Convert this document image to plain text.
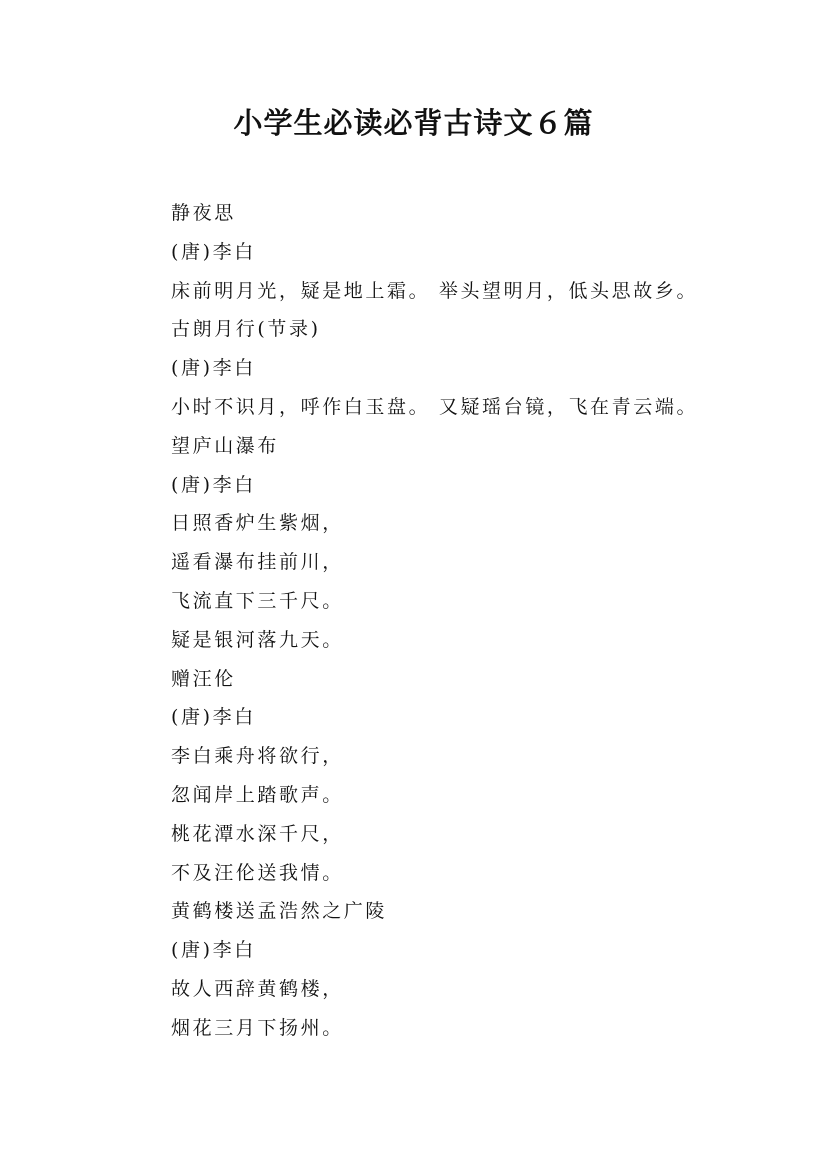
小学生必读必背古诗文６篇
静夜思
(唐)李白
床前明月光，疑是地上霜。 举头望明月，低头思故乡。
古朗月行(节录)
(唐)李白
小时不识月，呼作白玉盘。 又疑瑶台镜，飞在青云端。
望庐山瀑布
(唐)李白
日照香炉生紫烟，
遥看瀑布挂前川，
飞流直下三千尺。
疑是银河落九天。
赠汪伦
(唐)李白
李白乘舟将欲行，
忽闻岸上踏歌声。
桃花潭水深千尺，
不及汪伦送我情。
黄鹤楼送孟浩然之广陵
(唐)李白
故人西辞黄鹤楼，
烟花三月下扬州。
